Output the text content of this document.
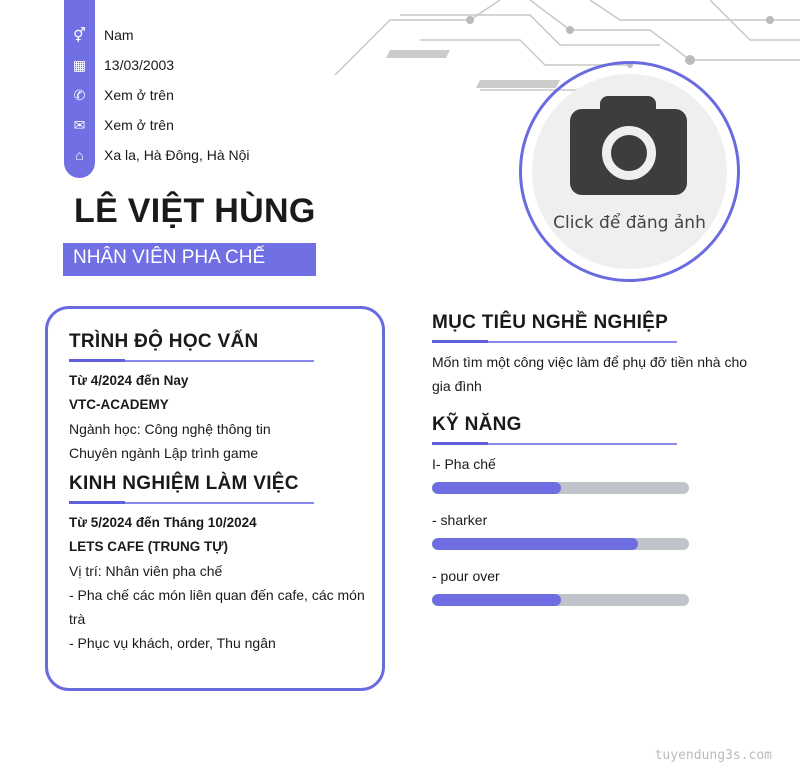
⚥	Nam
▦	13/03/2003
✆	Xem ở trên
✉	Xem ở trên
⌂	Xa la, Hà Đông, Hà Nội
LÊ VIỆT HÙNG
NHÂN VIÊN PHA CHẾ
Click để đăng ảnh
TRÌNH ĐỘ HỌC VẤN
Từ 4/2024 đến Nay
VTC-ACADEMY
Ngành học: Công nghệ thông tin
Chuyên ngành Lập trình game
KINH NGHIỆM LÀM VIỆC
Từ 5/2024 đến Tháng 10/2024
LETS CAFE (TRUNG TỰ)
Vị trí: Nhân viên pha chế
- Pha chế các món liên quan đến cafe, các món trà
- Phục vụ khách, order, Thu ngân
MỤC TIÊU NGHỀ NGHIỆP
Mốn tìm một công việc làm để phụ đỡ tiền nhà cho gia đình
KỸ NĂNG
I- Pha chế
- sharker
- pour over
tuyendung3s.com
